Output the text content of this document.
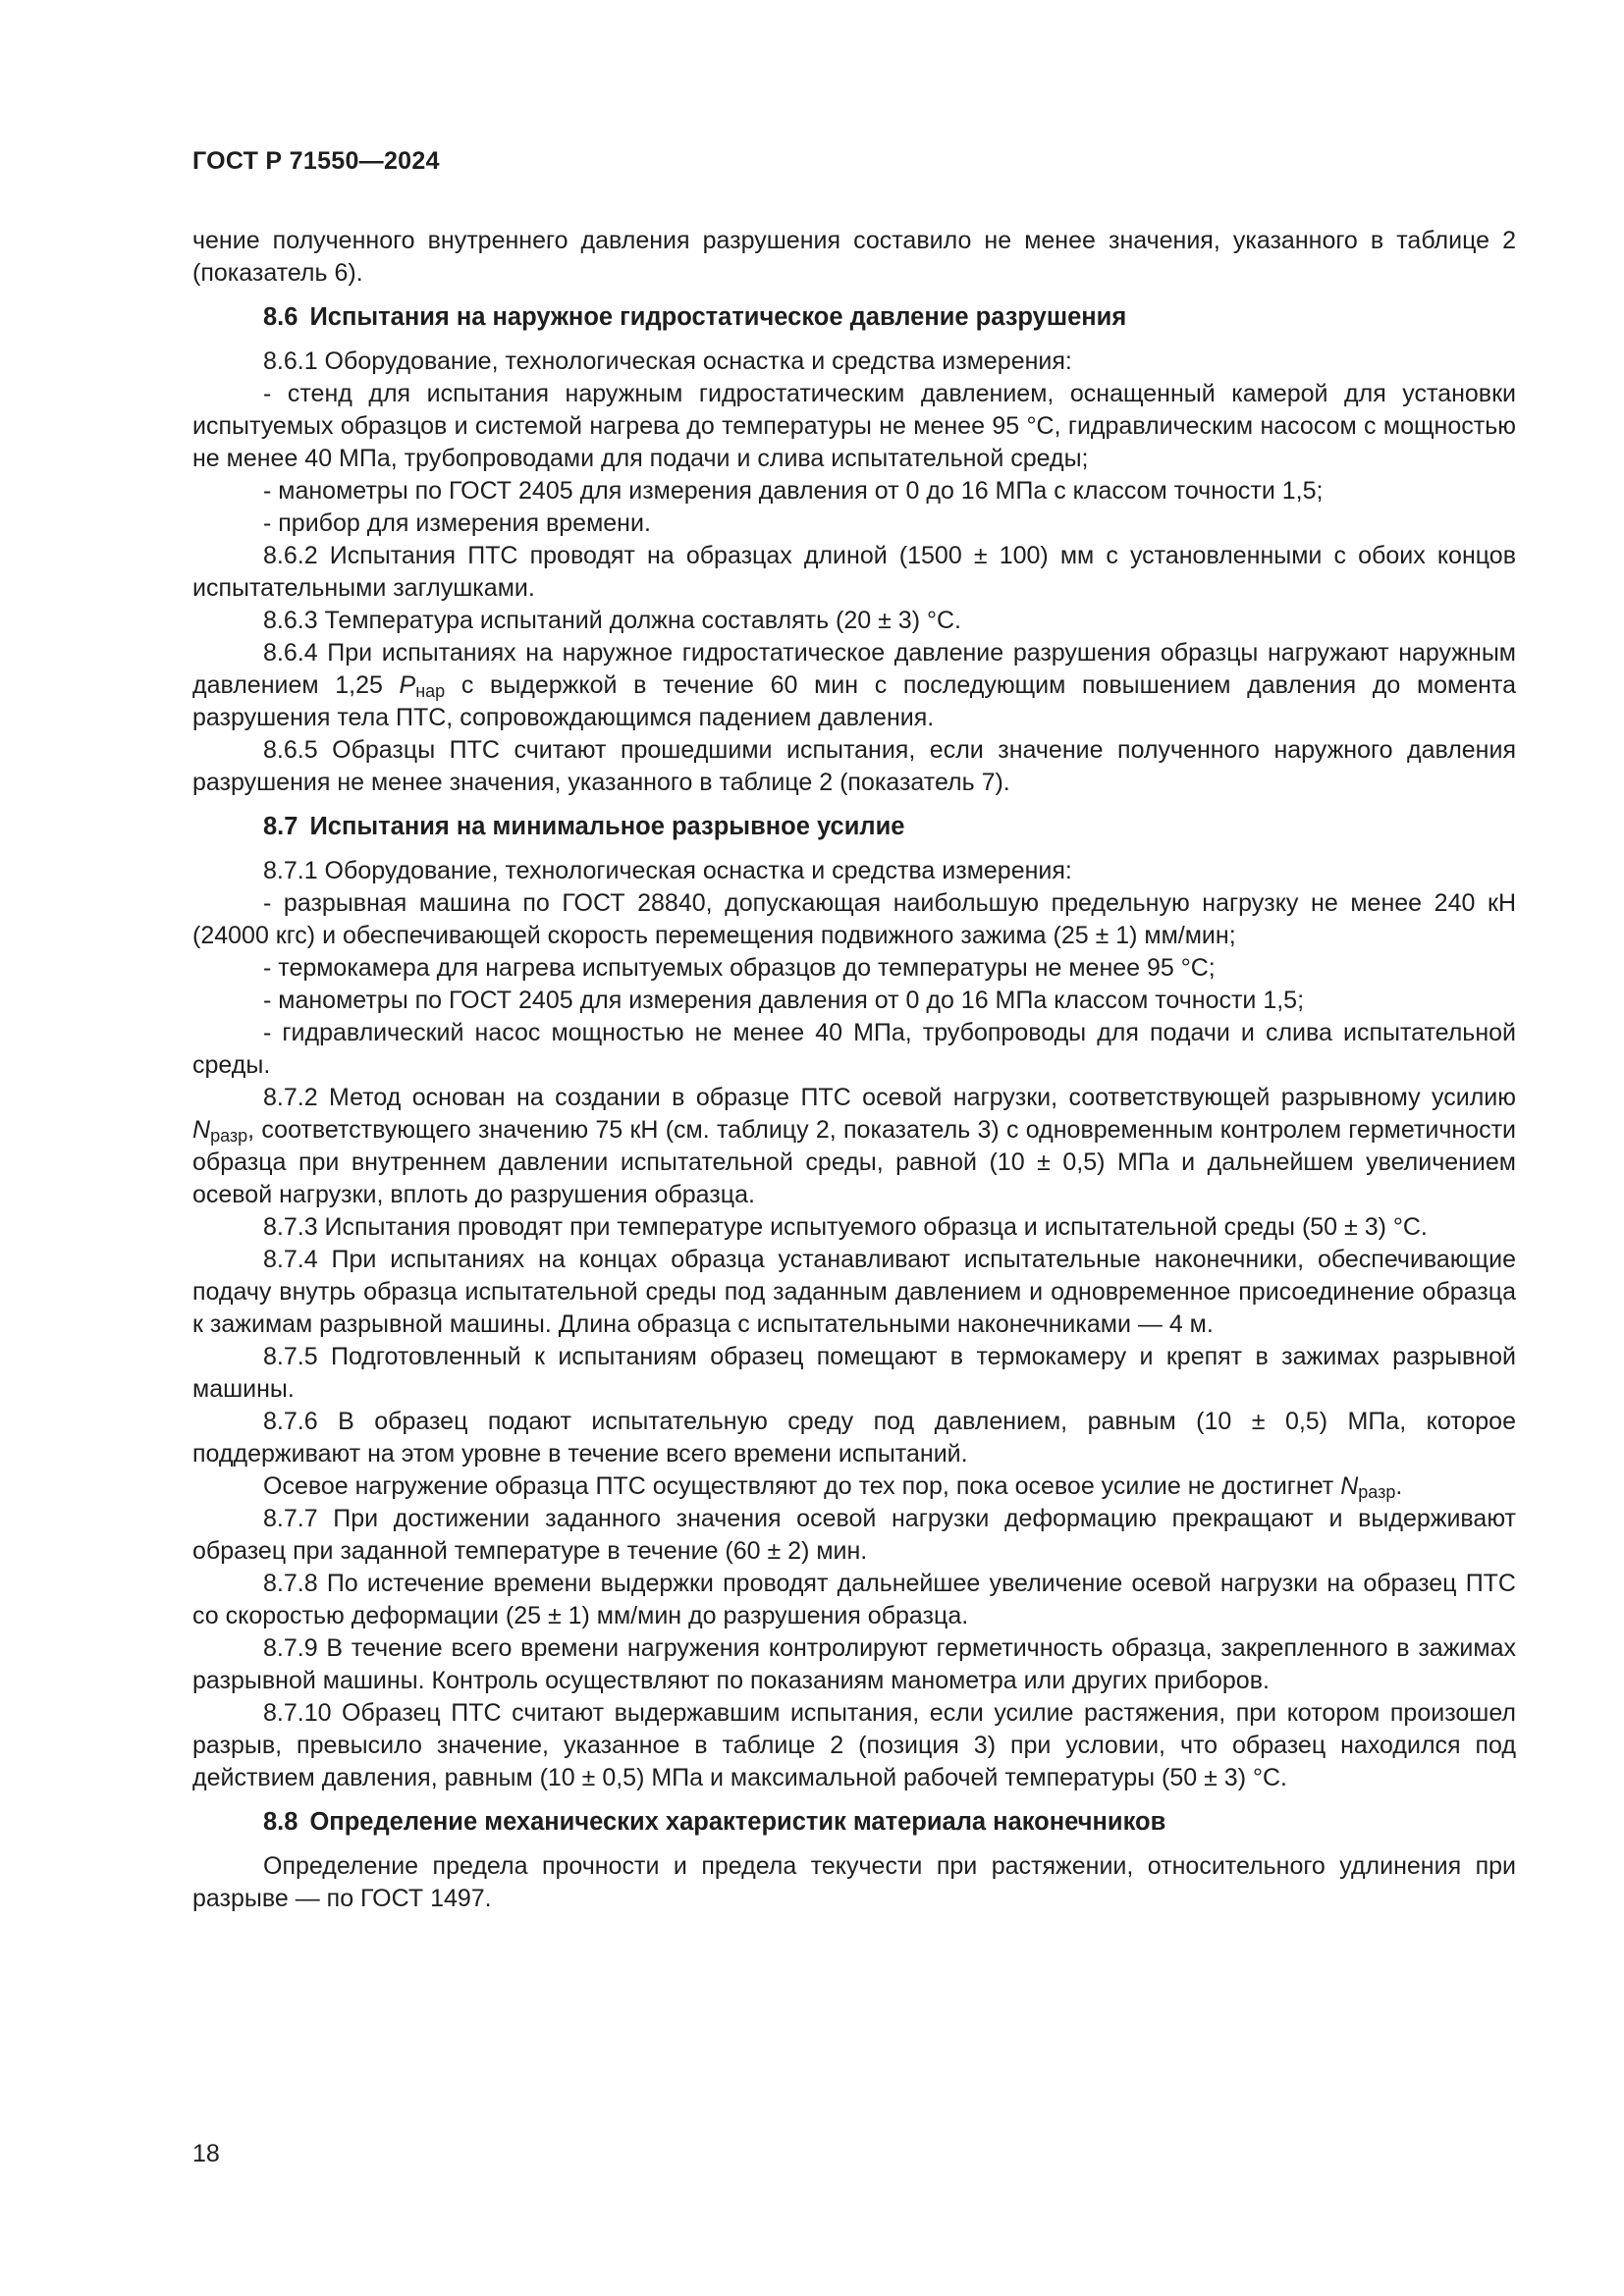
ГОСТ Р 71550—2024

чение полученного внутреннего давления разрушения составило не менее значения, указанного в таблице 2 (показатель 6).

8.6 Испытания на наружное гидростатическое давление разрушения

8.6.1 Оборудование, технологическая оснастка и средства измерения:

- стенд для испытания наружным гидростатическим давлением, оснащенный камерой для установки испытуемых образцов и системой нагрева до температуры не менее 95 °С, гидравлическим насосом с мощностью не менее 40 МПа, трубопроводами для подачи и слива испытательной среды;

- манометры по ГОСТ 2405 для измерения давления от 0 до 16 МПа с классом точности 1,5;

- прибор для измерения времени.

8.6.2 Испытания ПТС проводят на образцах длиной (1500 ± 100) мм с установленными с обоих концов испытательными заглушками.

8.6.3 Температура испытаний должна составлять (20 ± 3) °С.

8.6.4 При испытаниях на наружное гидростатическое давление разрушения образцы нагружают наружным давлением 1,25 $P_{нар}$ с выдержкой в течение 60 мин с последующим повышением давления до момента разрушения тела ПТС, сопровождающимся падением давления.

8.6.5 Образцы ПТС считают прошедшими испытания, если значение полученного наружного давления разрушения не менее значения, указанного в таблице 2 (показатель 7).

8.7 Испытания на минимальное разрывное усилие

8.7.1 Оборудование, технологическая оснастка и средства измерения:

- разрывная машина по ГОСТ 28840, допускающая наибольшую предельную нагрузку не менее 240 кН (24000 кгс) и обеспечивающей скорость перемещения подвижного зажима (25 ± 1) мм/мин;

- термокамера для нагрева испытуемых образцов до температуры не менее 95 °С;

- манометры по ГОСТ 2405 для измерения давления от 0 до 16 МПа классом точности 1,5;

- гидравлический насос мощностью не менее 40 МПа, трубопроводы для подачи и слива испытательной среды.

8.7.2 Метод основан на создании в образце ПТС осевой нагрузки, соответствующей разрывному усилию $N_{разр}$, соответствующего значению 75 кН (см. таблицу 2, показатель 3) с одновременным контролем герметичности образца при внутреннем давлении испытательной среды, равной (10 ± 0,5) МПа и дальнейшем увеличением осевой нагрузки, вплоть до разрушения образца.

8.7.3 Испытания проводят при температуре испытуемого образца и испытательной среды (50 ± 3) °С.

8.7.4 При испытаниях на концах образца устанавливают испытательные наконечники, обеспечивающие подачу внутрь образца испытательной среды под заданным давлением и одновременное присоединение образца к зажимам разрывной машины. Длина образца с испытательными наконечниками — 4 м.

8.7.5 Подготовленный к испытаниям образец помещают в термокамеру и крепят в зажимах разрывной машины.

8.7.6 В образец подают испытательную среду под давлением, равным (10 ± 0,5) МПа, которое поддерживают на этом уровне в течение всего времени испытаний.

Осевое нагружение образца ПТС осуществляют до тех пор, пока осевое усилие не достигнет $N_{разр}$.

8.7.7 При достижении заданного значения осевой нагрузки деформацию прекращают и выдерживают образец при заданной температуре в течение (60 ± 2) мин.

8.7.8 По истечение времени выдержки проводят дальнейшее увеличение осевой нагрузки на образец ПТС со скоростью деформации (25 ± 1) мм/мин до разрушения образца.

8.7.9 В течение всего времени нагружения контролируют герметичность образца, закрепленного в зажимах разрывной машины. Контроль осуществляют по показаниям манометра или других приборов.

8.7.10 Образец ПТС считают выдержавшим испытания, если усилие растяжения, при котором произошел разрыв, превысило значение, указанное в таблице 2 (позиция 3) при условии, что образец находился под действием давления, равным (10 ± 0,5) МПа и максимальной рабочей температуры (50 ± 3) °С.

8.8 Определение механических характеристик материала наконечников

Определение предела прочности и предела текучести при растяжении, относительного удлинения при разрыве — по ГОСТ 1497.

18
